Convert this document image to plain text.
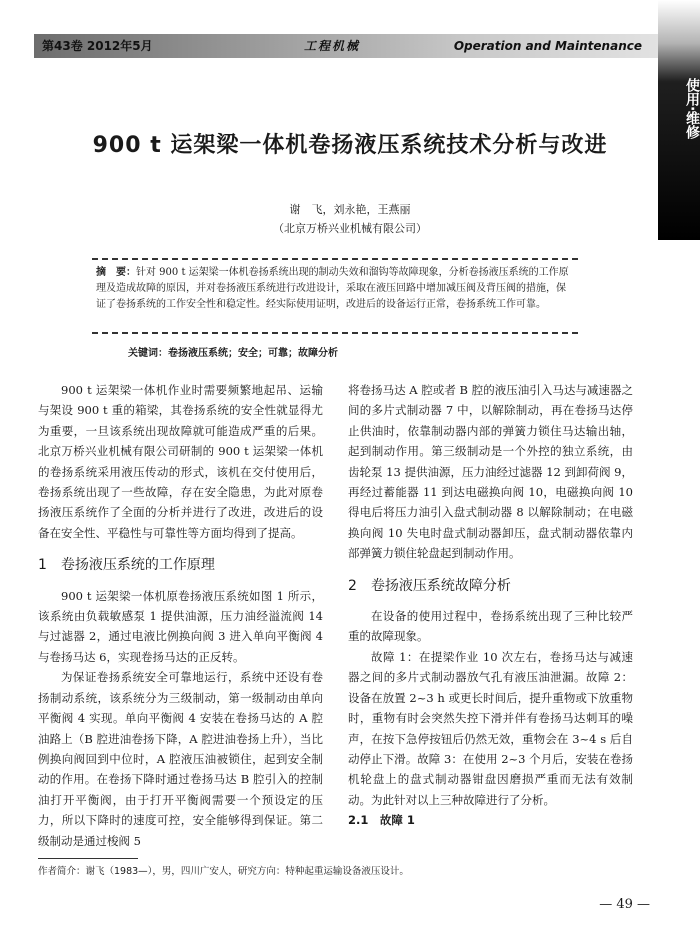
第43卷 2012年5月	工程机械	Operation and Maintenance
使用·维修
900 t 运架梁一体机卷扬液压系统技术分析与改进
谢　飞，刘永艳，王燕丽
（北京万桥兴业机械有限公司）
摘　要：针对 900 t 运架梁一体机卷扬系统出现的制动失效和溜钩等故障现象，分析卷扬液压系统的工作原理及造成故障的原因，并对卷扬液压系统进行改进设计，采取在液压回路中增加减压阀及背压阀的措施，保证了卷扬系统的工作安全性和稳定性。经实际使用证明，改进后的设备运行正常，卷扬系统工作可靠。
关键词：卷扬液压系统；安全；可靠；故障分析

900 t 运架梁一体机作业时需要频繁地起吊、运输与架设 900 t 重的箱梁，其卷扬系统的安全性就显得尤为重要，一旦该系统出现故障就可能造成严重的后果。北京万桥兴业机械有限公司研制的 900 t 运架梁一体机的卷扬系统采用液压传动的形式，该机在交付使用后，卷扬系统出现了一些故障，存在安全隐患，为此对原卷扬液压系统作了全面的分析并进行了改进，改进后的设备在安全性、平稳性与可靠性等方面均得到了提高。

1　卷扬液压系统的工作原理

900 t 运架梁一体机原卷扬液压系统如图 1 所示，该系统由负载敏感泵 1 提供油源，压力油经溢流阀 14 与过滤器 2，通过电液比例换向阀 3 进入单向平衡阀 4 与卷扬马达 6，实现卷扬马达的正反转。

为保证卷扬系统安全可靠地运行，系统中还设有卷扬制动系统，该系统分为三级制动，第一级制动由单向平衡阀 4 实现。单向平衡阀 4 安装在卷扬马达的 A 腔油路上（B 腔进油卷扬下降，A 腔进油卷扬上升），当比例换向阀回到中位时，A 腔液压油被锁住，起到安全制动的作用。在卷扬下降时通过卷扬马达 B 腔引入的控制油打开平衡阀，由于打开平衡阀需要一个预设定的压力，所以下降时的速度可控，安全能够得到保证。第二级制动是通过梭阀 5

将卷扬马达 A 腔或者 B 腔的液压油引入马达与减速器之间的多片式制动器 7 中，以解除制动，再在卷扬马达停止供油时，依靠制动器内部的弹簧力锁住马达输出轴，起到制动作用。第三级制动是一个外控的独立系统，由齿轮泵 13 提供油源，压力油经过滤器 12 到卸荷阀 9，再经过蓄能器 11 到达电磁换向阀 10，电磁换向阀 10 得电后将压力油引入盘式制动器 8 以解除制动；在电磁换向阀 10 失电时盘式制动器卸压，盘式制动器依靠内部弹簧力锁住轮盘起到制动作用。

2　卷扬液压系统故障分析

在设备的使用过程中，卷扬系统出现了三种比较严重的故障现象。

故障 1：在提梁作业 10 次左右，卷扬马达与减速器之间的多片式制动器放气孔有液压油泄漏。故障 2：设备在放置 2~3 h 或更长时间后，提升重物或下放重物时，重物有时会突然失控下滑并伴有卷扬马达刺耳的噪声，在按下急停按钮后仍然无效，重物会在 3~4 s 后自动停止下滑。故障 3：在使用 2~3 个月后，安装在卷扬机轮盘上的盘式制动器钳盘因磨损严重而无法有效制动。为此针对以上三种故障进行了分析。

2.1　故障 1
作者简介：谢飞（1983—），男，四川广安人，研究方向：特种起重运输设备液压设计。
— 49 —
